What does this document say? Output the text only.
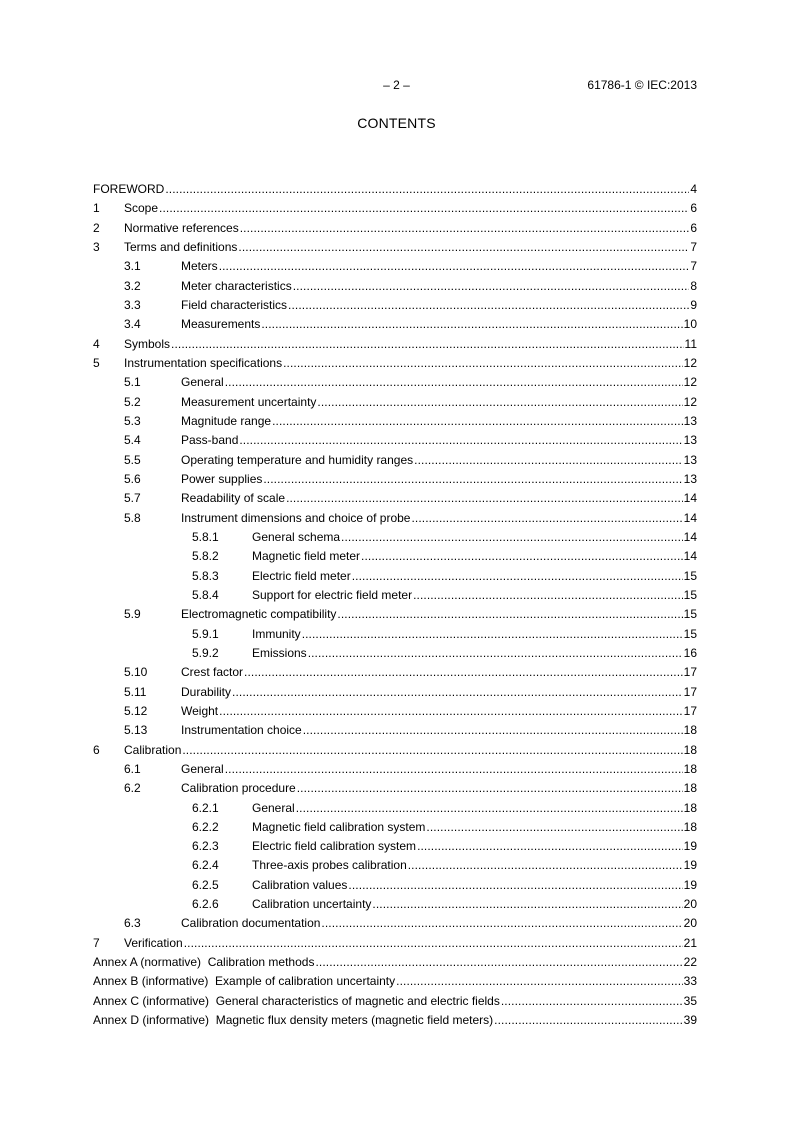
– 2 –	61786-1 © IEC:2013
CONTENTS
FOREWORD .....	4
1	Scope .....	6
2	Normative references .....	6
3	Terms and definitions .....	7
3.1	Meters .....	7
3.2	Meter characteristics .....	8
3.3	Field characteristics .....	9
3.4	Measurements .....	10
4	Symbols .....	11
5	Instrumentation specifications .....	12
5.1	General .....	12
5.2	Measurement uncertainty .....	12
5.3	Magnitude range .....	13
5.4	Pass-band .....	13
5.5	Operating temperature and humidity ranges .....	13
5.6	Power supplies .....	13
5.7	Readability of scale .....	14
5.8	Instrument dimensions and choice of probe .....	14
5.8.1	General schema .....	14
5.8.2	Magnetic field meter .....	14
5.8.3	Electric field meter .....	15
5.8.4	Support for electric field meter .....	15
5.9	Electromagnetic compatibility .....	15
5.9.1	Immunity .....	15
5.9.2	Emissions .....	16
5.10	Crest factor .....	17
5.11	Durability .....	17
5.12	Weight .....	17
5.13	Instrumentation choice .....	18
6	Calibration .....	18
6.1	General .....	18
6.2	Calibration procedure .....	18
6.2.1	General .....	18
6.2.2	Magnetic field calibration system .....	18
6.2.3	Electric field calibration system .....	19
6.2.4	Three-axis probes calibration .....	19
6.2.5	Calibration values .....	19
6.2.6	Calibration uncertainty .....	20
6.3	Calibration documentation .....	20
7	Verification .....	21
Annex A (normative)  Calibration methods .....	22
Annex B (informative)  Example of calibration uncertainty .....	33
Annex C (informative)  General characteristics of magnetic and electric fields .....	35
Annex D (informative)  Magnetic flux density meters (magnetic field meters) .....	39
